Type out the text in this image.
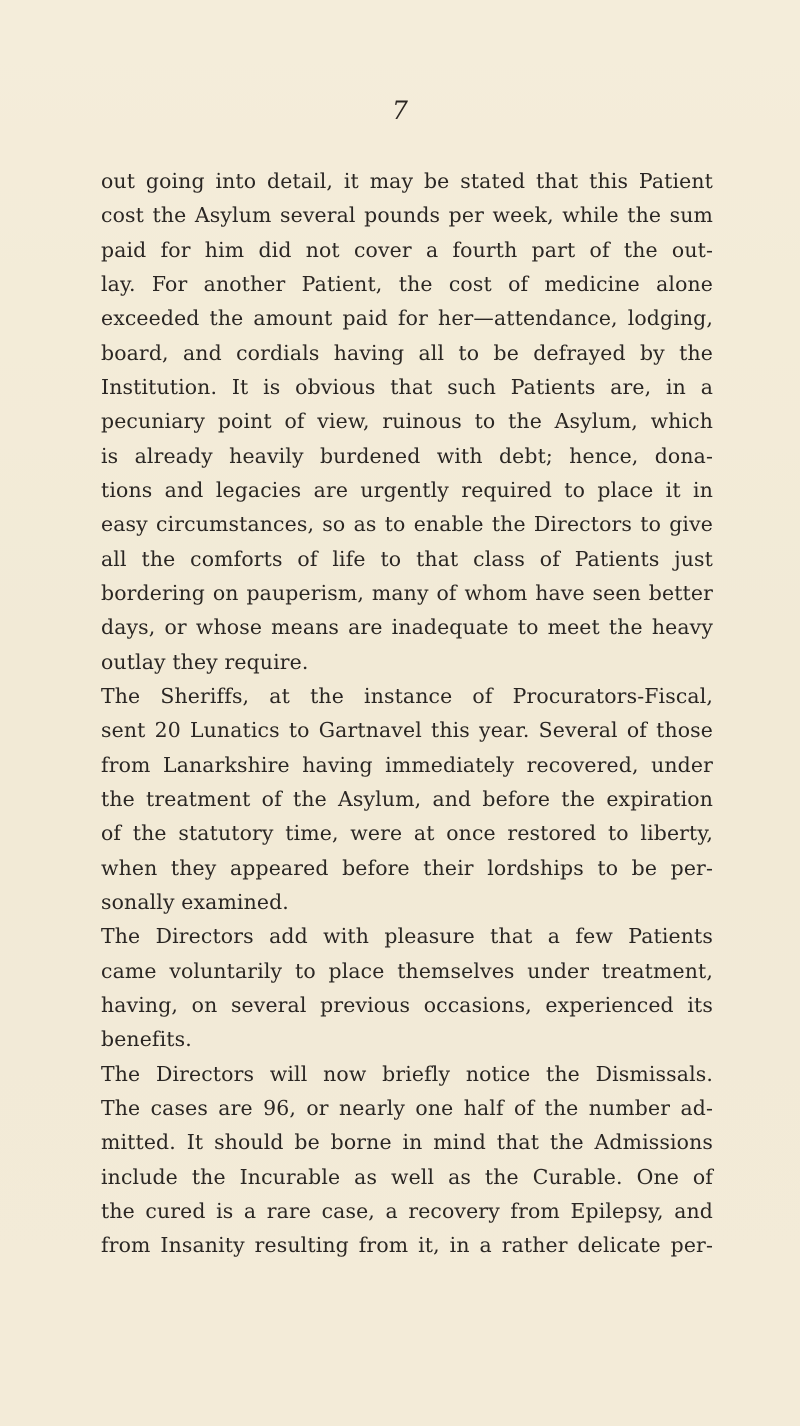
7
out going into detail, it may be stated that this Patient
cost the Asylum several pounds per week, while the sum
paid for him did not cover a fourth part of the out-
lay. For another Patient, the cost of medicine alone
exceeded the amount paid for her—attendance, lodging,
board, and cordials having all to be defrayed by the
Institution. It is obvious that such Patients are, in a
pecuniary point of view, ruinous to the Asylum, which
is already heavily burdened with debt; hence, dona-
tions and legacies are urgently required to place it in
easy circumstances, so as to enable the Directors to give
all the comforts of life to that class of Patients just
bordering on pauperism, many of whom have seen better
days, or whose means are inadequate to meet the heavy
outlay they require.
The Sheriffs, at the instance of Procurators-Fiscal,
sent 20 Lunatics to Gartnavel this year. Several of those
from Lanarkshire having immediately recovered, under
the treatment of the Asylum, and before the expiration
of the statutory time, were at once restored to liberty,
when they appeared before their lordships to be per-
sonally examined.
The Directors add with pleasure that a few Patients
came voluntarily to place themselves under treatment,
having, on several previous occasions, experienced its
benefits.
The Directors will now briefly notice the Dismissals.
The cases are 96, or nearly one half of the number ad-
mitted. It should be borne in mind that the Admissions
include the Incurable as well as the Curable. One of
the cured is a rare case, a recovery from Epilepsy, and
from Insanity resulting from it, in a rather delicate per-
